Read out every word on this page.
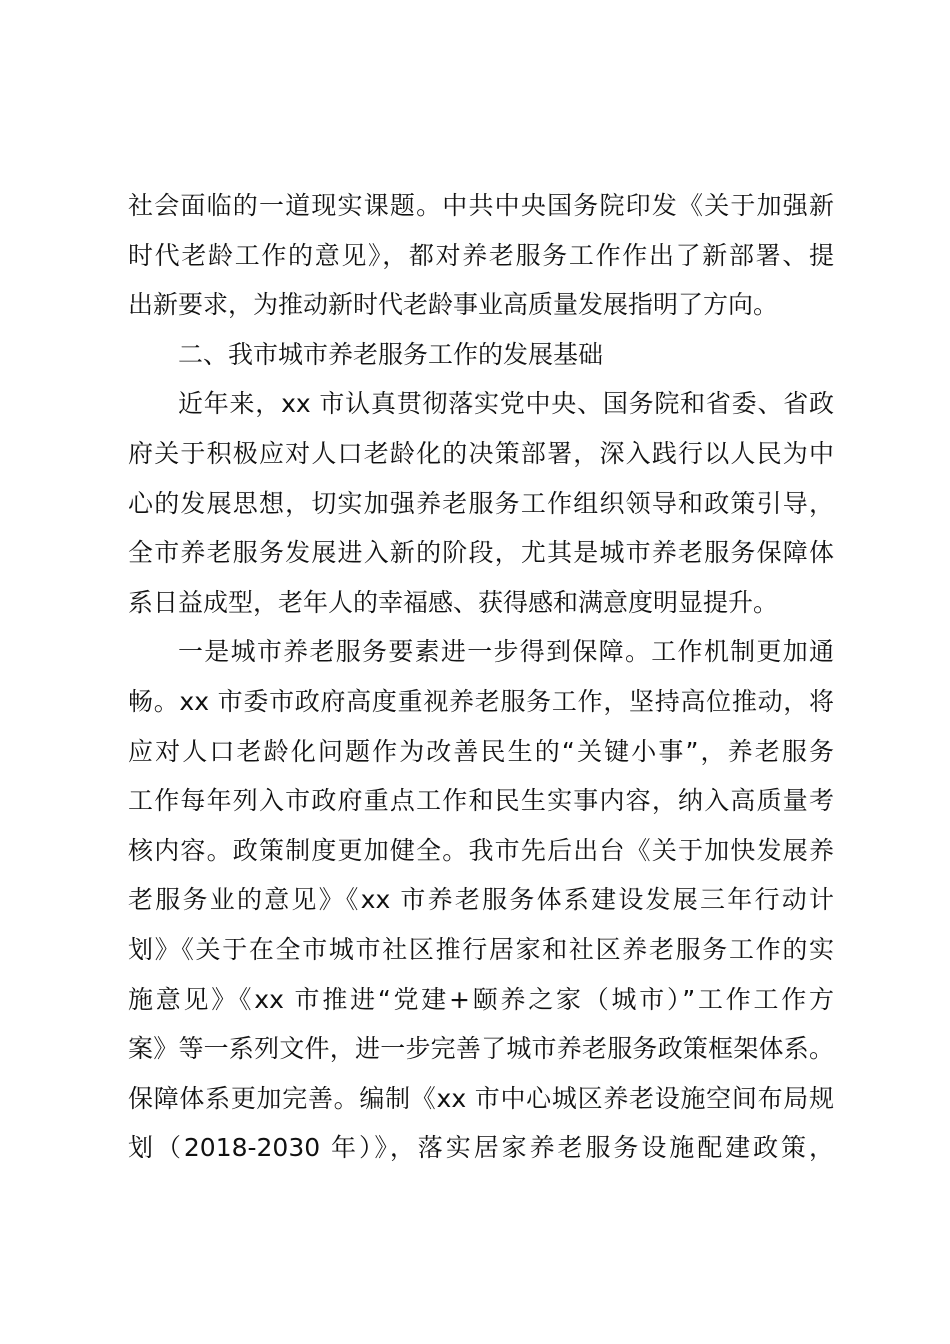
社会面临的一道现实课题。中共中央国务院印发《关于加强新
时代老龄工作的意见》，都对养老服务工作作出了新部署、提
出新要求，为推动新时代老龄事业高质量发展指明了方向。
二、我市城市养老服务工作的发展基础
近年来，xx 市认真贯彻落实党中央、国务院和省委、省政
府关于积极应对人口老龄化的决策部署，深入践行以人民为中
心的发展思想，切实加强养老服务工作组织领导和政策引导，
全市养老服务发展进入新的阶段，尤其是城市养老服务保障体
系日益成型，老年人的幸福感、获得感和满意度明显提升。
一是城市养老服务要素进一步得到保障。工作机制更加通
畅。xx 市委市政府高度重视养老服务工作，坚持高位推动，将
应对人口老龄化问题作为改善民生的“关键小事”，养老服务
工作每年列入市政府重点工作和民生实事内容，纳入高质量考
核内容。政策制度更加健全。我市先后出台《关于加快发展养
老服务业的意见》《xx 市养老服务体系建设发展三年行动计
划》《关于在全市城市社区推行居家和社区养老服务工作的实
施意见》《xx 市推进“党建+颐养之家（城市）”工作工作方
案》等一系列文件，进一步完善了城市养老服务政策框架体系。
保障体系更加完善。编制《xx 市中心城区养老设施空间布局规
划（2018-2030 年）》，落实居家养老服务设施配建政策，
